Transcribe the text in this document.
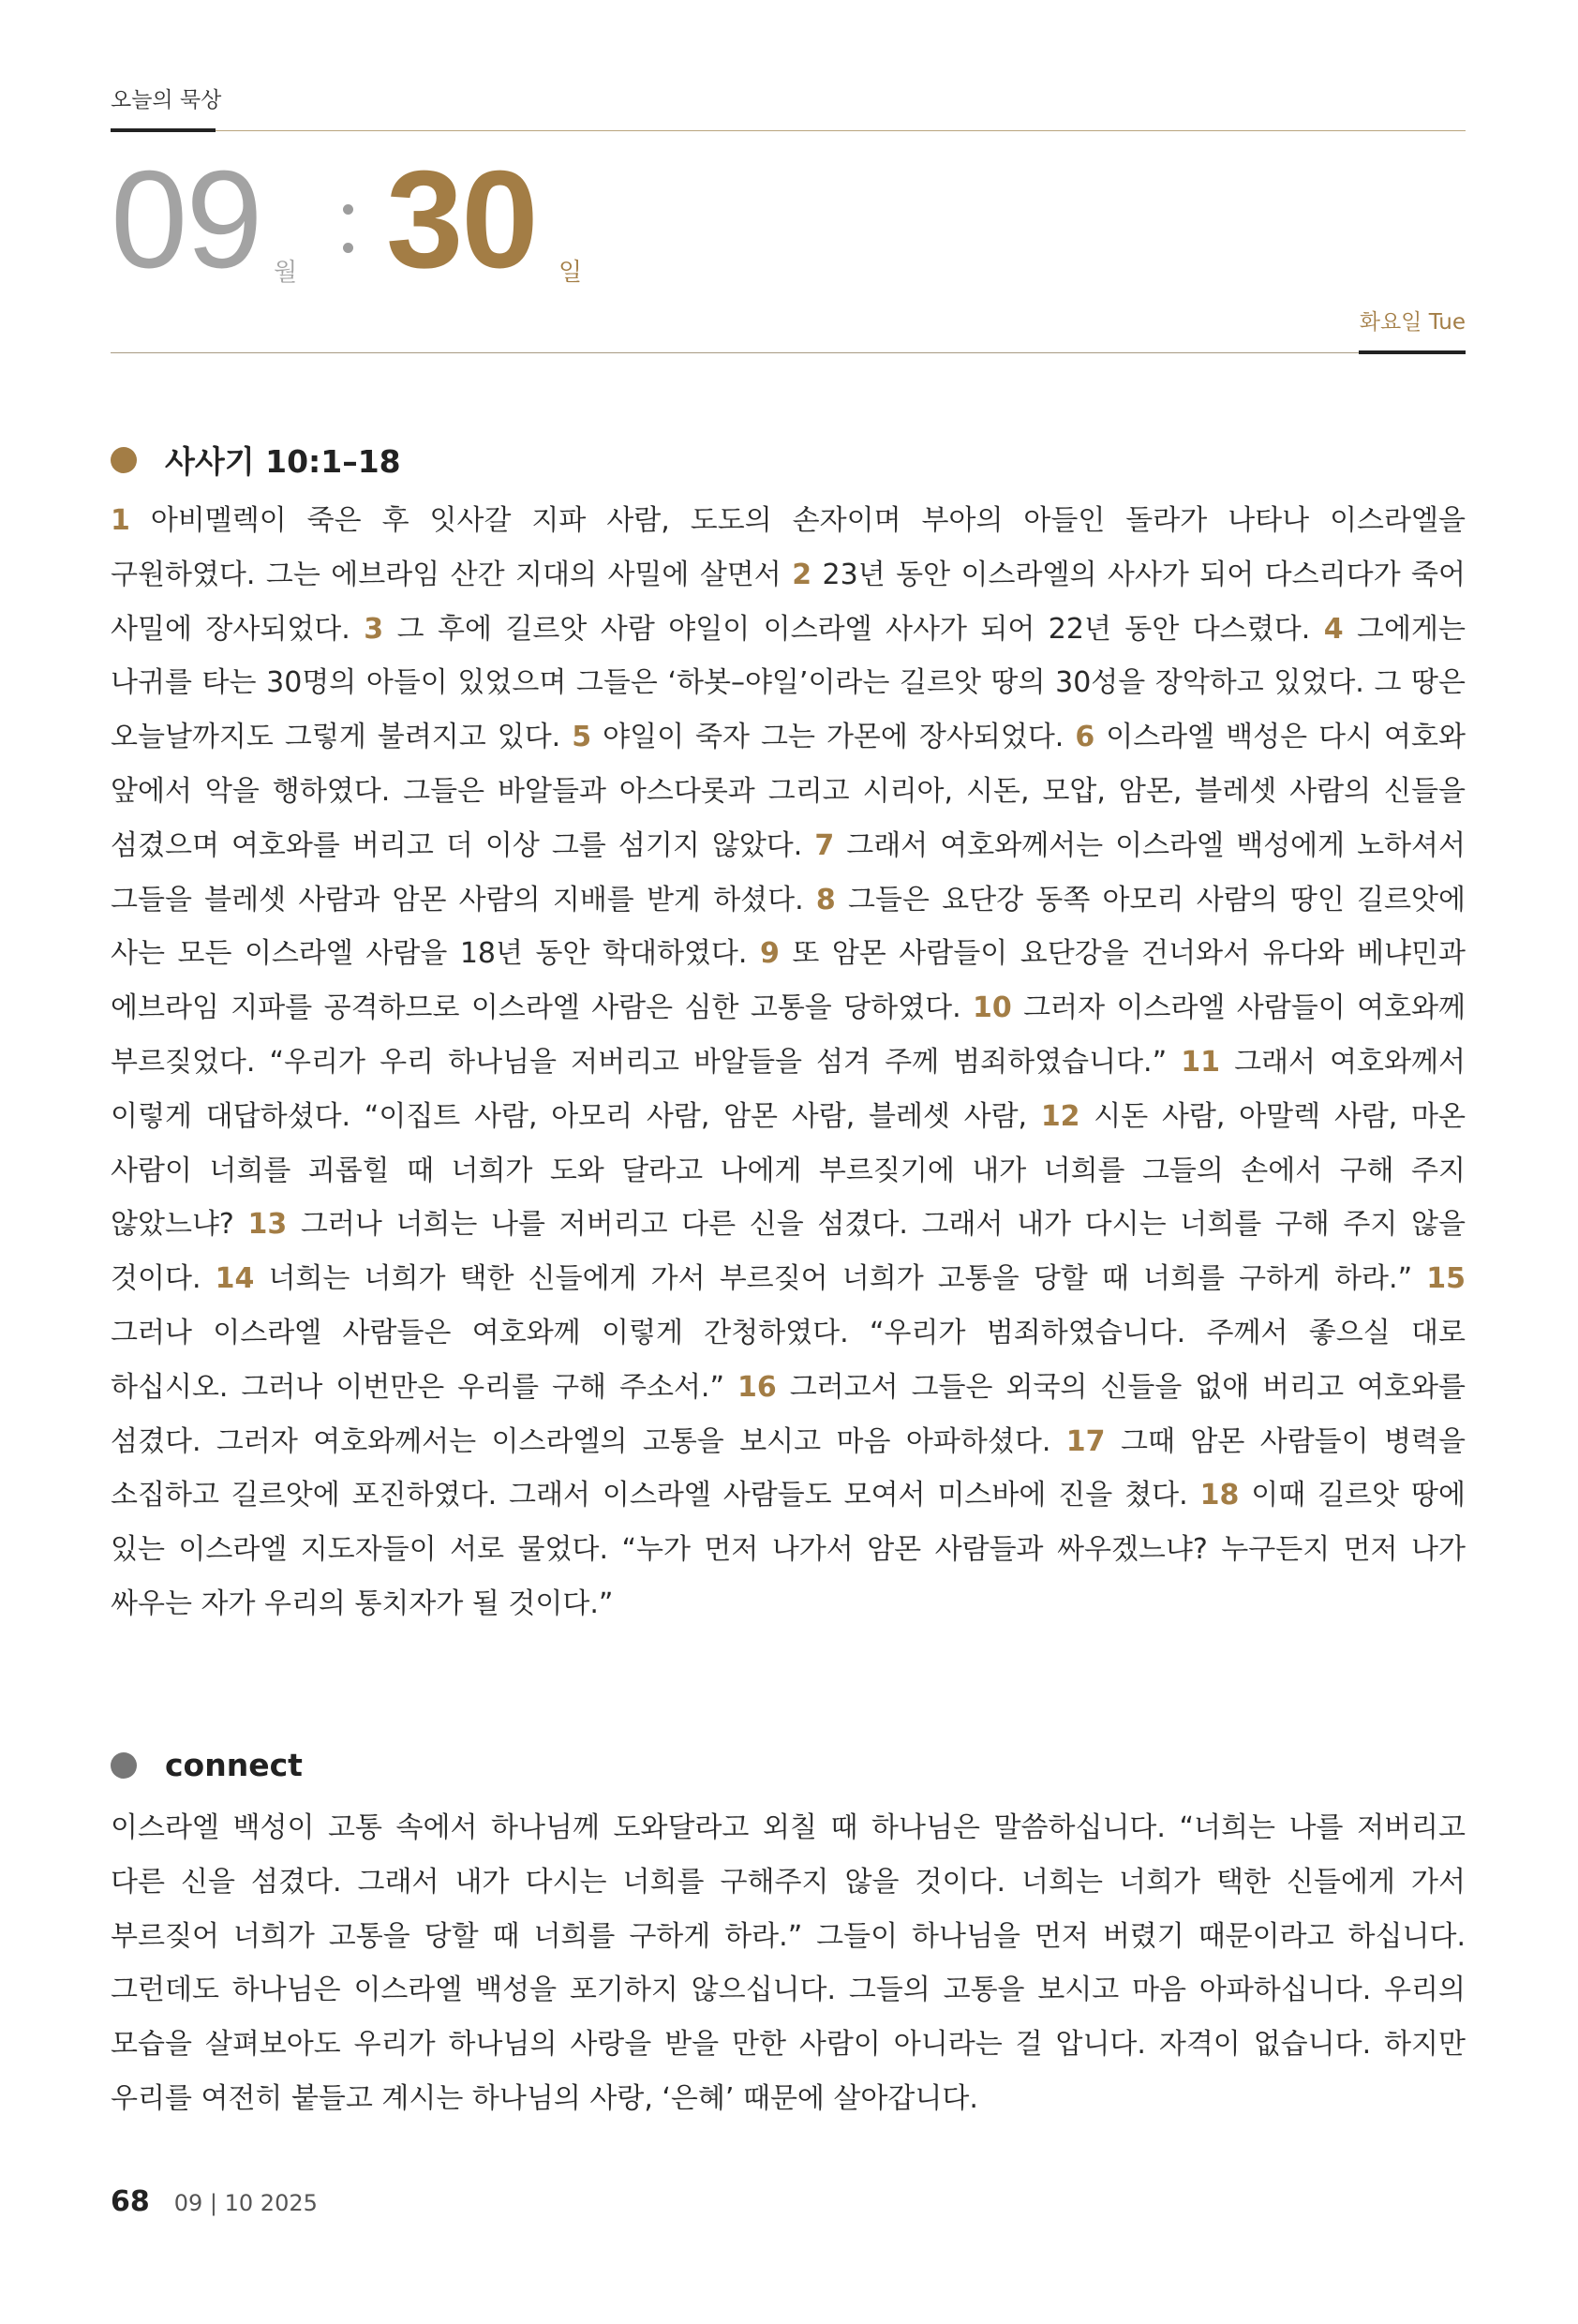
오늘의 묵상
09 월 30 일
화요일 Tue
사사기 10:1–18

1 아비멜렉이 죽은 후 잇사갈 지파 사람, 도도의 손자이며 부아의 아들인 돌라가 나타나 이스라엘을 구원하였다. 그는 에브라임 산간 지대의 사밀에 살면서 2 23년 동안 이스라엘의 사사가 되어 다스리다가 죽어 사밀에 장사되었다. 3 그 후에 길르앗 사람 야일이 이스라엘 사사가 되어 22년 동안 다스렸다. 4 그에게는 나귀를 타는 30명의 아들이 있었으며 그들은 ‘하봇–야일’이라는 길르앗 땅의 30성을 장악하고 있었다. 그 땅은 오늘날까지도 그렇게 불려지고 있다. 5 야일이 죽자 그는 가몬에 장사되었다. 6 이스라엘 백성은 다시 여호와 앞에서 악을 행하였다. 그들은 바알들과 아스다롯과 그리고 시리아, 시돈, 모압, 암몬, 블레셋 사람의 신들을 섬겼으며 여호와를 버리고 더 이상 그를 섬기지 않았다. 7 그래서 여호와께서는 이스라엘 백성에게 노하셔서 그들을 블레셋 사람과 암몬 사람의 지배를 받게 하셨다. 8 그들은 요단강 동쪽 아모리 사람의 땅인 길르앗에 사는 모든 이스라엘 사람을 18년 동안 학대하였다. 9 또 암몬 사람들이 요단강을 건너와서 유다와 베냐민과 에브라임 지파를 공격하므로 이스라엘 사람은 심한 고통을 당하였다. 10 그러자 이스라엘 사람들이 여호와께 부르짖었다. “우리가 우리 하나님을 저버리고 바알들을 섬겨 주께 범죄하였습니다.” 11 그래서 여호와께서 이렇게 대답하셨다. “이집트 사람, 아모리 사람, 암몬 사람, 블레셋 사람, 12 시돈 사람, 아말렉 사람, 마온 사람이 너희를 괴롭힐 때 너희가 도와 달라고 나에게 부르짖기에 내가 너희를 그들의 손에서 구해 주지 않았느냐? 13 그러나 너희는 나를 저버리고 다른 신을 섬겼다. 그래서 내가 다시는 너희를 구해 주지 않을 것이다. 14 너희는 너희가 택한 신들에게 가서 부르짖어 너희가 고통을 당할 때 너희를 구하게 하라.” 15 그러나 이스라엘 사람들은 여호와께 이렇게 간청하였다. “우리가 범죄하였습니다. 주께서 좋으실 대로 하십시오. 그러나 이번만은 우리를 구해 주소서.” 16 그러고서 그들은 외국의 신들을 없애 버리고 여호와를 섬겼다. 그러자 여호와께서는 이스라엘의 고통을 보시고 마음 아파하셨다. 17 그때 암몬 사람들이 병력을 소집하고 길르앗에 포진하였다. 그래서 이스라엘 사람들도 모여서 미스바에 진을 쳤다. 18 이때 길르앗 땅에 있는 이스라엘 지도자들이 서로 물었다. “누가 먼저 나가서 암몬 사람들과 싸우겠느냐? 누구든지 먼저 나가 싸우는 자가 우리의 통치자가 될 것이다.”

connect

이스라엘 백성이 고통 속에서 하나님께 도와달라고 외칠 때 하나님은 말씀하십니다. “너희는 나를 저버리고 다른 신을 섬겼다. 그래서 내가 다시는 너희를 구해주지 않을 것이다. 너희는 너희가 택한 신들에게 가서 부르짖어 너희가 고통을 당할 때 너희를 구하게 하라.” 그들이 하나님을 먼저 버렸기 때문이라고 하십니다. 그런데도 하나님은 이스라엘 백성을 포기하지 않으십니다. 그들의 고통을 보시고 마음 아파하십니다. 우리의 모습을 살펴보아도 우리가 하나님의 사랑을 받을 만한 사람이 아니라는 걸 압니다. 자격이 없습니다. 하지만 우리를 여전히 붙들고 계시는 하나님의 사랑, ‘은혜’ 때문에 살아갑니다.

68 09 | 10 2025
